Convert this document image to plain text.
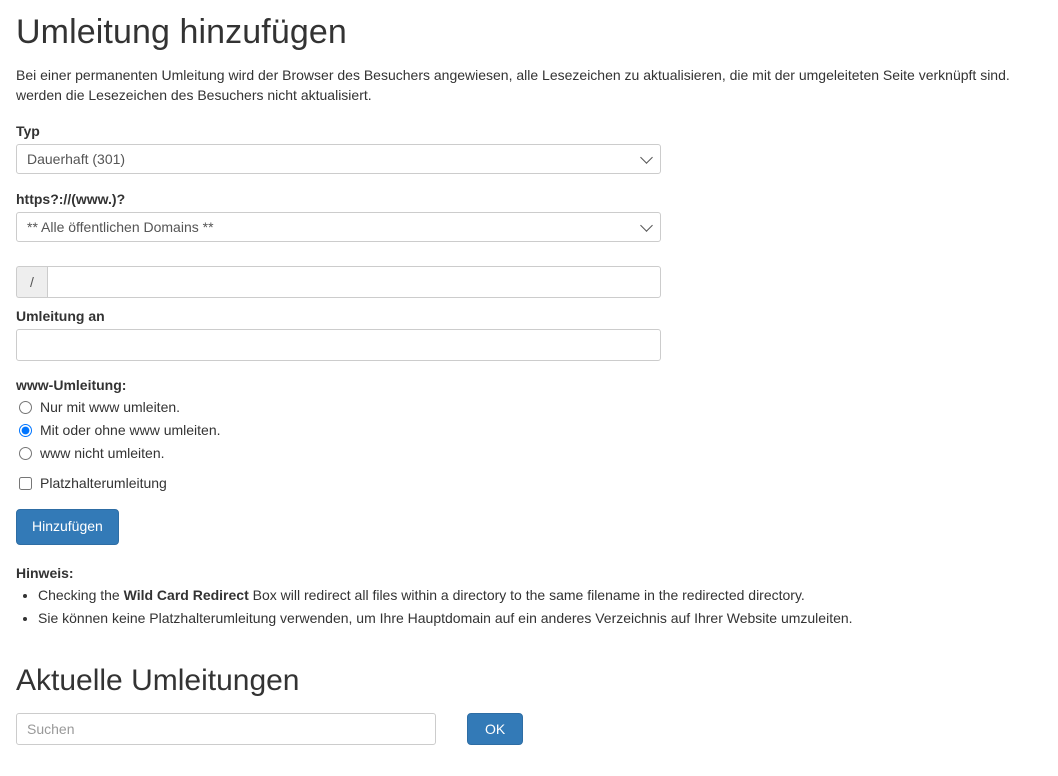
Umleitung hinzufügen

Bei einer permanenten Umleitung wird der Browser des Besuchers angewiesen, alle Lesezeichen zu aktualisieren, die mit der umgeleiteten Seite verknüpft sind. werden die Lesezeichen des Besuchers nicht aktualisiert.

Typ
Dauerhaft (301)
https?://(www.)?
** Alle öffentlichen Domains **
/
Umleitung an
www-Umleitung:
Nur mit www umleiten.
Mit oder ohne www umleiten.
www nicht umleiten.
Platzhalterumleitung
Hinzufügen
Hinweis:
• Checking the Wild Card Redirect Box will redirect all files within a directory to the same filename in the redirected directory.
• Sie können keine Platzhalterumleitung verwenden, um Ihre Hauptdomain auf ein anderes Verzeichnis auf Ihrer Website umzuleiten.
Aktuelle Umleitungen
Suchen
OK
